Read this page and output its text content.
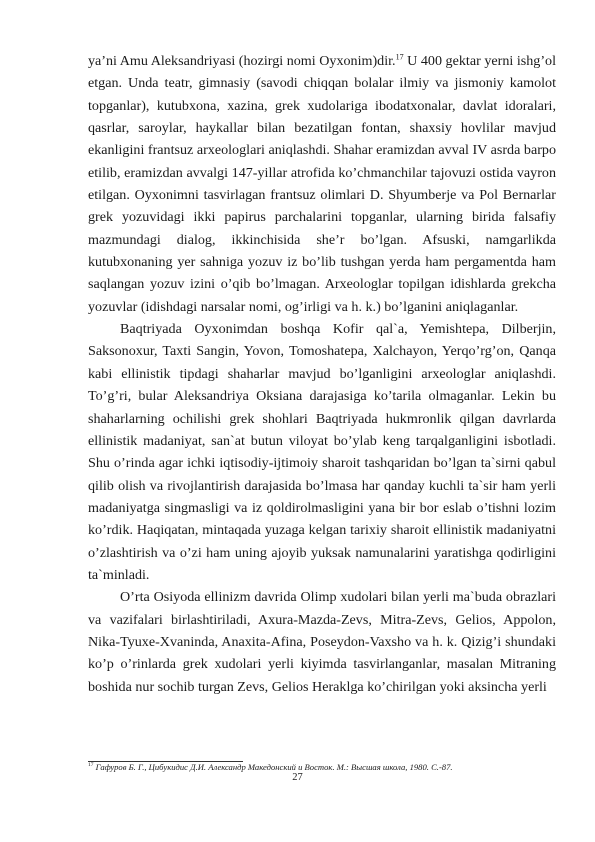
ya’ni Amu Aleksandriyasi (hozirgi nomi Oyxonim)dir.$^{17}$ U 400 gektar yerni ishg’ol etgan. Unda teatr, gimnasiy (savodi chiqqan bolalar ilmiy va jismoniy kamolot topganlar), kutubxona, xazina, grek xudolariga ibodatxonalar, davlat idoralari, qasrlar, saroylar, haykallar bilan bezatilgan fontan, shaxsiy hovlilar mavjud ekanligini frantsuz arxeologlari aniqlashdi. Shahar eramizdan avval IV asrda barpo etilib, eramizdan avvalgi 147-yillar atrofida ko’chmanchilar tajovuzi ostida vayron etilgan. Oyxonimni tasvirlagan frantsuz olimlari D. Shyumberje va Pol Bernarlar grek yozuvidagi ikki papirus parchalarini topganlar, ularning birida falsafiy mazmundagi dialog, ikkinchisida she’r bo’lgan. Afsuski, namgarlikda kutubxonaning yer sahniga yozuv iz bo’lib tushgan yerda ham pergamentda ham saqlangan yozuv izini o’qib bo’lmagan. Arxeologlar topilgan idishlarda grekcha yozuvlar (idishdagi narsalar nomi, og’irligi va h. k.) bo’lganini aniqlaganlar.

Baqtriyada Oyxonimdan boshqa Kofir qal`a, Yemishtepa, Dilberjin, Saksonoxur, Taxti Sangin, Yovon, Tomoshatepa, Xalchayon, Yerqo’rg’on, Qanqa kabi ellinistik tipdagi shaharlar mavjud bo’lganligini arxeologlar aniqlashdi. To’g’ri, bular Aleksandriya Oksiana darajasiga ko’tarila olmaganlar. Lekin bu shaharlarning ochilishi grek shohlari Baqtriyada hukmronlik qilgan davrlarda ellinistik madaniyat, san`at butun viloyat bo’ylab keng tarqalganligini isbotladi. Shu o’rinda agar ichki iqtisodiy-ijtimoiy sharoit tashqaridan bo’lgan ta`sirni qabul qilib olish va rivojlantirish darajasida bo’lmasa har qanday kuchli ta`sir ham yerli madaniyatga singmasligi va iz qoldirolmasligini yana bir bor eslab o’tishni lozim ko’rdik. Haqiqatan, mintaqada yuzaga kelgan tarixiy sharoit ellinistik madaniyatni o’zlashtirish va o’zi ham uning ajoyib yuksak namunalarini yaratishga qodirligini ta`minladi.

O’rta Osiyoda ellinizm davrida Olimp xudolari bilan yerli ma`buda obrazlari va vazifalari birlashtiriladi, Axura-Mazda-Zevs, Mitra-Zevs, Gelios, Appolon, Nika-Tyuxe-Xvaninda, Anaxita-Afina, Poseydon-Vaxsho va h. k. Qizig’i shundaki ko’p o’rinlarda grek xudolari yerli kiyimda tasvirlanganlar, masalan Mitraning boshida nur sochib turgan Zevs, Gelios Heraklga ko’chirilgan yoki aksincha yerli

$^{17}$ Гафуров Б. Г., Цибукидис Д.И. Александр Македонский и Восток. М.: Высшая школа, 1980. С.-87.
27
